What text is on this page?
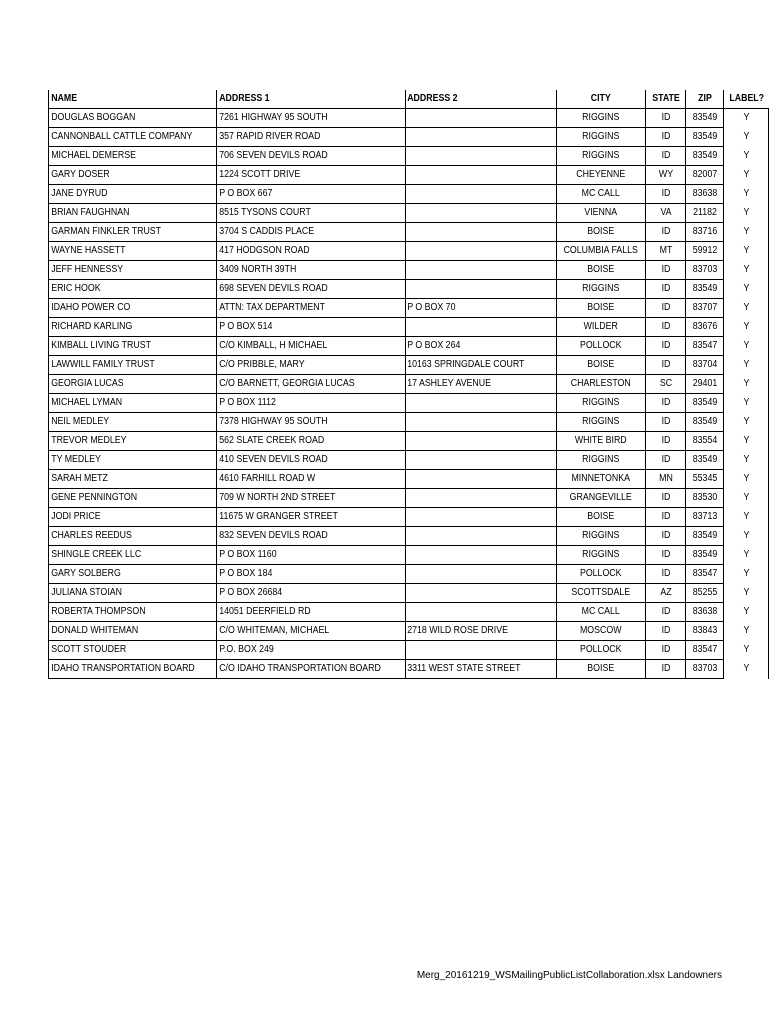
NAME	ADDRESS 1	ADDRESS 2	CITY	STATE	ZIP	LABEL?
DOUGLAS BOGGAN	7261 HIGHWAY 95 SOUTH		RIGGINS	ID	83549	Y
CANNONBALL CATTLE COMPANY	357 RAPID RIVER ROAD		RIGGINS	ID	83549	Y
MICHAEL DEMERSE	706 SEVEN DEVILS ROAD		RIGGINS	ID	83549	Y
GARY DOSER	1224 SCOTT DRIVE		CHEYENNE	WY	82007	Y
JANE DYRUD	P O BOX 667		MC CALL	ID	83638	Y
BRIAN FAUGHNAN	8515 TYSONS COURT		VIENNA	VA	21182	Y
GARMAN FINKLER TRUST	3704 S CADDIS PLACE		BOISE	ID	83716	Y
WAYNE HASSETT	417 HODGSON ROAD		COLUMBIA FALLS	MT	59912	Y
JEFF HENNESSY	3409 NORTH 39TH		BOISE	ID	83703	Y
ERIC HOOK	698 SEVEN DEVILS ROAD		RIGGINS	ID	83549	Y
IDAHO POWER CO	ATTN: TAX DEPARTMENT	P O BOX 70	BOISE	ID	83707	Y
RICHARD KARLING	P O BOX 514		WILDER	ID	83676	Y
KIMBALL LIVING TRUST	C/O KIMBALL, H MICHAEL	P O BOX 264	POLLOCK	ID	83547	Y
LAWWILL FAMILY TRUST	C/O PRIBBLE, MARY	10163 SPRINGDALE COURT	BOISE	ID	83704	Y
GEORGIA LUCAS	C/O BARNETT, GEORGIA LUCAS	17 ASHLEY AVENUE	CHARLESTON	SC	29401	Y
MICHAEL LYMAN	P O BOX 1112		RIGGINS	ID	83549	Y
NEIL MEDLEY	7378 HIGHWAY 95 SOUTH		RIGGINS	ID	83549	Y
TREVOR MEDLEY	562 SLATE CREEK ROAD		WHITE BIRD	ID	83554	Y
TY MEDLEY	410 SEVEN DEVILS ROAD		RIGGINS	ID	83549	Y
SARAH METZ	4610 FARHILL ROAD W		MINNETONKA	MN	55345	Y
GENE PENNINGTON	709 W NORTH 2ND STREET		GRANGEVILLE	ID	83530	Y
JODI PRICE	11675 W GRANGER STREET		BOISE	ID	83713	Y
CHARLES REEDUS	832 SEVEN DEVILS ROAD		RIGGINS	ID	83549	Y
SHINGLE CREEK LLC	P O BOX 1160		RIGGINS	ID	83549	Y
GARY SOLBERG	P O BOX 184		POLLOCK	ID	83547	Y
JULIANA STOIAN	P O BOX 26684		SCOTTSDALE	AZ	85255	Y
ROBERTA THOMPSON	14051 DEERFIELD RD		MC CALL	ID	83638	Y
DONALD WHITEMAN	C/O WHITEMAN, MICHAEL	2718 WILD ROSE DRIVE	MOSCOW	ID	83843	Y
SCOTT STOUDER	P.O. BOX 249		POLLOCK	ID	83547	Y
IDAHO TRANSPORTATION BOARD	C/O IDAHO TRANSPORTATION BOARD	3311 WEST STATE STREET	BOISE	ID	83703	Y
Merg_20161219_WSMailingPublicListCollaboration.xlsx Landowners
